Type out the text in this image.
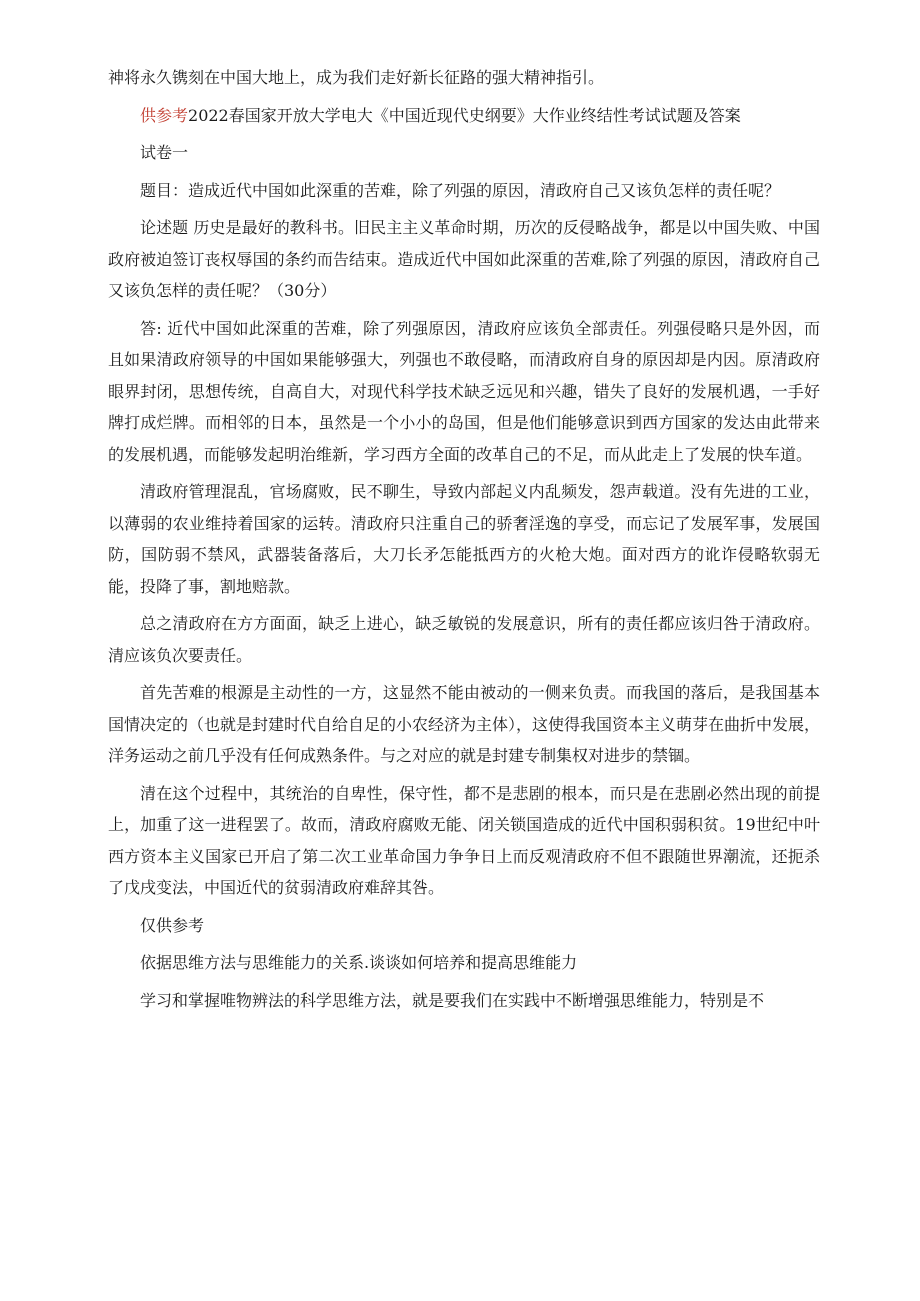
神将永久镌刻在中国大地上，成为我们走好新长征路的强大精神指引。

供参考2022春国家开放大学电大《中国近现代史纲要》大作业终结性考试试题及答案

试卷一

题目：造成近代中国如此深重的苦难，除了列强的原因，清政府自己又该负怎样的责任呢？

论述题 历史是最好的教科书。旧民主主义革命时期，历次的反侵略战争，都是以中国失败、中国政府被迫签订丧权辱国的条约而告结束。造成近代中国如此深重的苦难,除了列强的原因，清政府自己又该负怎样的责任呢？（30分）

答: 近代中国如此深重的苦难，除了列强原因，清政府应该负全部责任。列强侵略只是外因，而且如果清政府领导的中国如果能够强大，列强也不敢侵略，而清政府自身的原因却是内因。原清政府眼界封闭，思想传统，自高自大，对现代科学技术缺乏远见和兴趣，错失了良好的发展机遇，一手好牌打成烂牌。而相邻的日本，虽然是一个小小的岛国，但是他们能够意识到西方国家的发达由此带来的发展机遇，而能够发起明治维新，学习西方全面的改革自己的不足，而从此走上了发展的快车道。

清政府管理混乱，官场腐败，民不聊生，导致内部起义内乱频发，怨声载道。没有先进的工业，以薄弱的农业维持着国家的运转。清政府只注重自己的骄奢淫逸的享受，而忘记了发展军事，发展国防，国防弱不禁风，武器装备落后，大刀长矛怎能抵西方的火枪大炮。面对西方的讹诈侵略软弱无能，投降了事，割地赔款。

总之清政府在方方面面，缺乏上进心，缺乏敏锐的发展意识，所有的责任都应该归咎于清政府。清应该负次要责任。

首先苦难的根源是主动性的一方，这显然不能由被动的一侧来负责。而我国的落后，是我国基本国情决定的（也就是封建时代自给自足的小农经济为主体），这使得我国资本主义萌芽在曲折中发展，洋务运动之前几乎没有任何成熟条件。与之对应的就是封建专制集权对进步的禁锢。

清在这个过程中，其统治的自卑性，保守性，都不是悲剧的根本，而只是在悲剧必然出现的前提上，加重了这一进程罢了。故而，清政府腐败无能、闭关锁国造成的近代中国积弱积贫。19世纪中叶西方资本主义国家已开启了第二次工业革命国力争争日上而反观清政府不但不跟随世界潮流，还扼杀了戊戌变法，中国近代的贫弱清政府难辞其咎。

仅供参考

依据思维方法与思维能力的关系.谈谈如何培养和提高思维能力

学习和掌握唯物辨法的科学思维方法，就是要我们在实践中不断增强思维能力，特别是不
